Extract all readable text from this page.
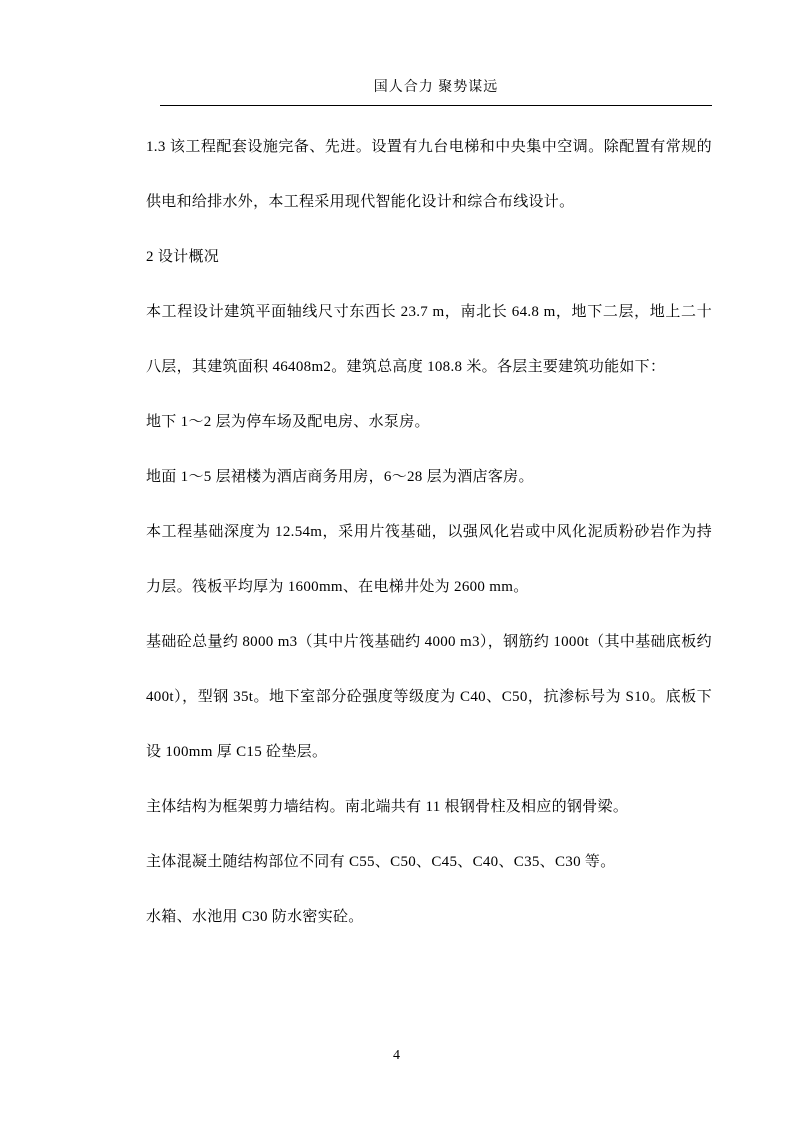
国人合力 聚势谋远

1.3 该工程配套设施完备、先进。设置有九台电梯和中央集中空调。除配置有常规的供电和给排水外，本工程采用现代智能化设计和综合布线设计。

2 设计概况

本工程设计建筑平面轴线尺寸东西长 23.7 m，南北长 64.8 m，地下二层，地上二十八层，其建筑面积 46408m2。建筑总高度 108.8 米。各层主要建筑功能如下：

地下 1～2 层为停车场及配电房、水泵房。

地面 1～5 层裙楼为酒店商务用房，6～28 层为酒店客房。

本工程基础深度为 12.54m，采用片筏基础，以强风化岩或中风化泥质粉砂岩作为持力层。筏板平均厚为 1600mm、在电梯井处为 2600 mm。

基础砼总量约 8000 m3（其中片筏基础约 4000 m3），钢筋约 1000t（其中基础底板约 400t），型钢 35t。地下室部分砼强度等级度为 C40、C50，抗渗标号为 S10。底板下设 100mm 厚 C15 砼垫层。

主体结构为框架剪力墙结构。南北端共有 11 根钢骨柱及相应的钢骨梁。

主体混凝土随结构部位不同有 C55、C50、C45、C40、C35、C30 等。

水箱、水池用 C30 防水密实砼。

4
